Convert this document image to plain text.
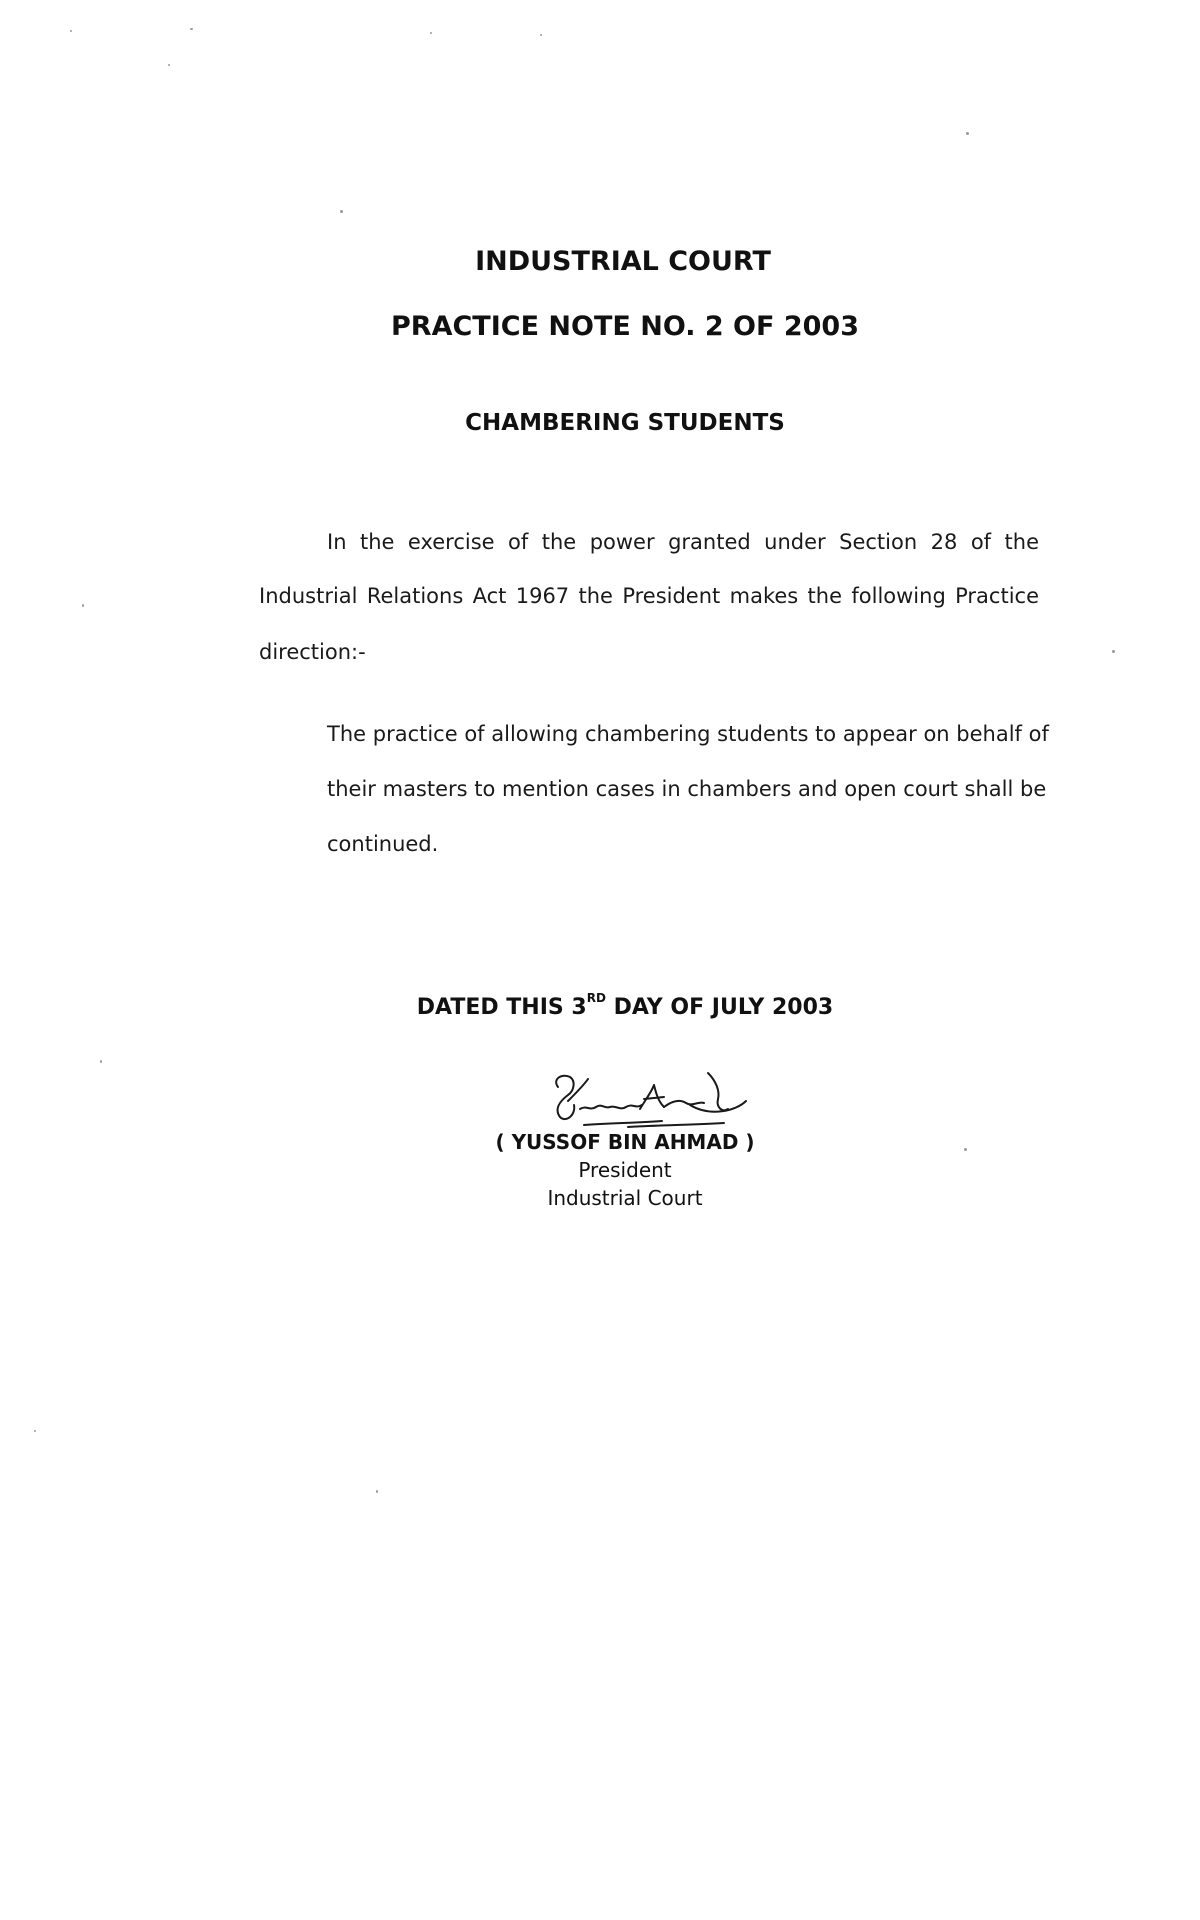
INDUSTRIAL COURT
PRACTICE NOTE NO. 2 OF 2003
CHAMBERING STUDENTS
In the exercise of the power granted under Section 28 of the
Industrial Relations Act 1967 the President makes the following Practice
direction:-
The practice of allowing chambering students to appear on behalf of
their masters to mention cases in chambers and open court shall be
continued.
DATED THIS 3RD DAY OF JULY 2003
( YUSSOF BIN AHMAD )
President
Industrial Court
